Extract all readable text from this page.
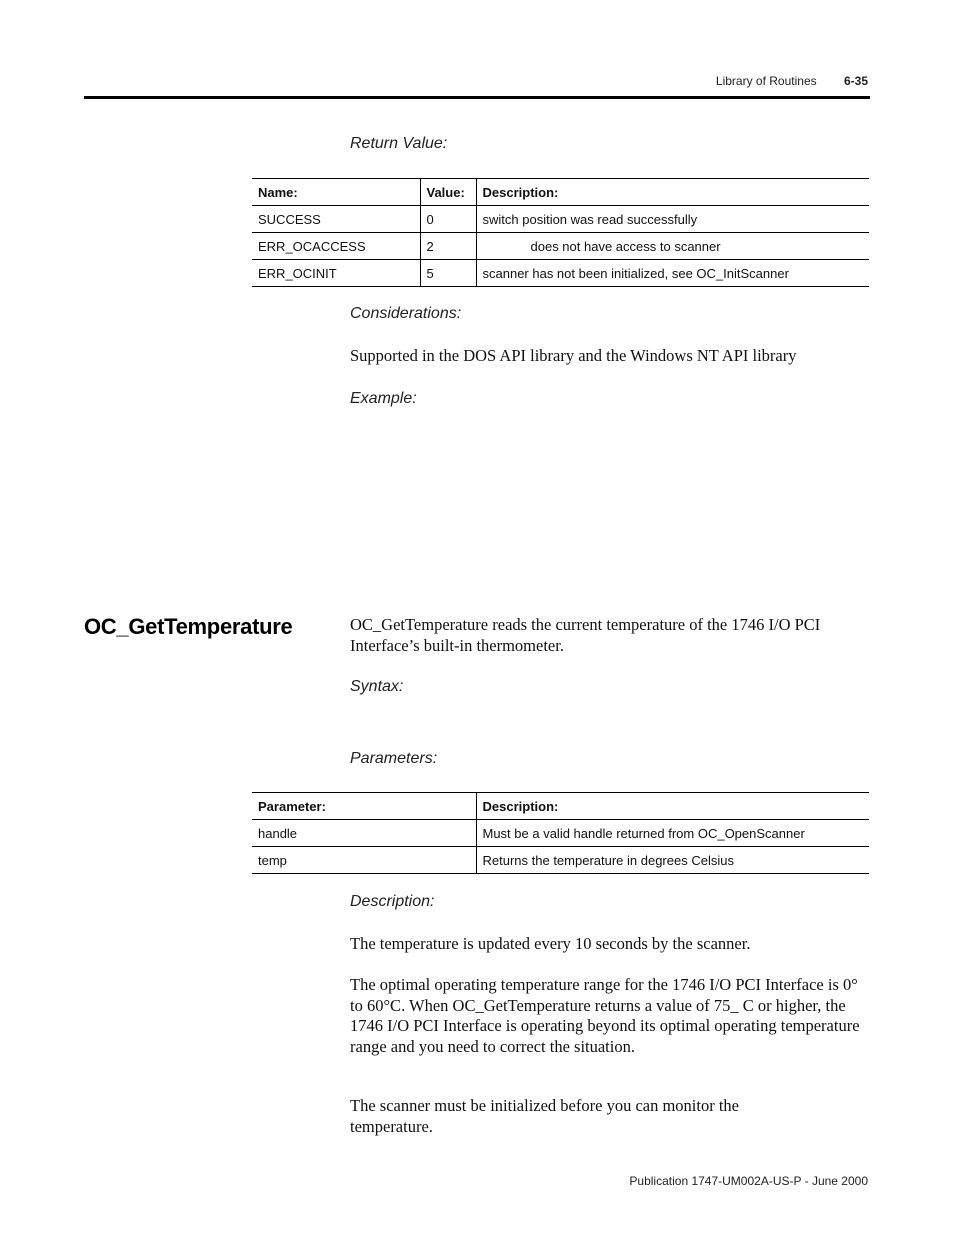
Library of Routines 6-35
Return Value:
Name:	Value:	Description:
SUCCESS	0	switch position was read successfully
ERR_OCACCESS	2	does not have access to scanner
ERR_OCINIT	5	scanner has not been initialized, see OC_InitScanner
Considerations:
Supported in the DOS API library and the Windows NT API library
Example:
OC_GetTemperature	OC_GetTemperature reads the current temperature of the 1746 I/O PCI Interface’s built-in thermometer.
Syntax:
Parameters:
Parameter:	Description:
handle	Must be a valid handle returned from OC_OpenScanner
temp	Returns the temperature in degrees Celsius
Description:
The temperature is updated every 10 seconds by the scanner.
The optimal operating temperature range for the 1746 I/O PCI Interface is 0° to 60°C. When OC_GetTemperature returns a value of 75_ C or higher, the 1746 I/O PCI Interface is operating beyond its optimal operating temperature range and you need to correct the situation.
The scanner must be initialized before you can monitor the temperature.
Publication 1747-UM002A-US-P - June 2000
